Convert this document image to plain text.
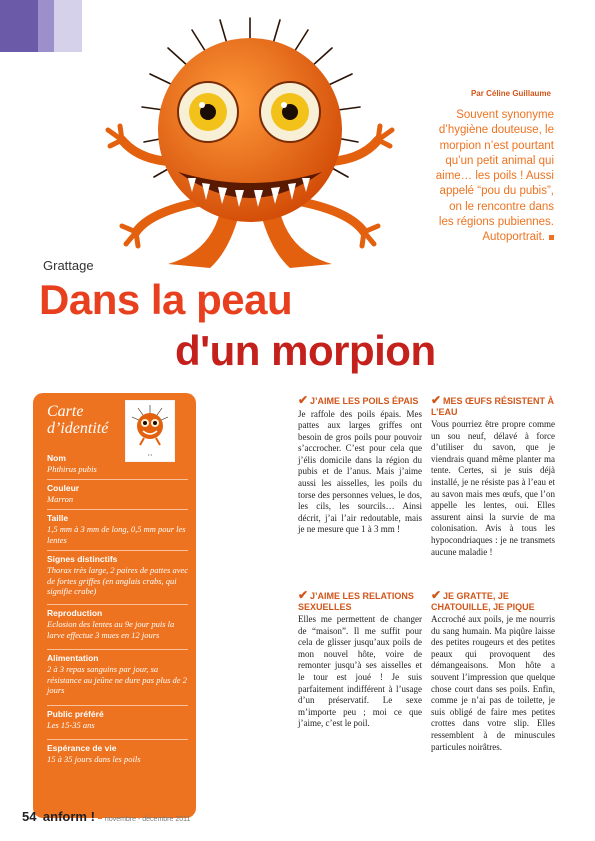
Par Céline Guillaume
Souvent synonyme d’hygiène douteuse, le morpion n’est pourtant qu’un petit animal qui aime… les poils ! Aussi appelé “pou du pubis”, on le rencontre dans les régions pubiennes. Autoportrait.
Grattage
Dans la peau
d'un morpion
Carte d’identité
• •
Nom
Phthirus pubis
Couleur
Marron
Taille
1,5 mm à 3 mm de long, 0,5 mm pour les lentes
Signes distinctifs
Thorax très large, 2 paires de pattes avec de fortes griffes (en anglais crabs, qui signifie crabe)
Reproduction
Eclosion des lentes au 9e jour puis la larve effectue 3 mues en 12 jours
Alimentation
2 à 3 repas sanguins par jour, sa résistance au jeûne ne dure pas plus de 2 jours
Public préféré
Les 15-35 ans
Espérance de vie
15 à 35 jours dans les poils
✔ J’AIME LES POILS ÉPAIS

Je raffole des poils épais. Mes pattes aux larges griffes ont besoin de gros poils pour pouvoir s’accrocher. C’est pour cela que j’élis domicile dans la région du pubis et de l’anus. Mais j’aime aussi les aisselles, les poils du torse des personnes velues, le dos, les cils, les sourcils… Ainsi décrit, j’ai l’air redoutable, mais je ne mesure que 1 à 3 mm !

✔ J’AIME LES RELATIONS SEXUELLES

Elles me permettent de changer de “maison”. Il me suffit pour cela de glisser jusqu’aux poils de mon nouvel hôte, voire de remonter jusqu’à ses aisselles et le tour est joué ! Je suis parfaitement indifférent à l’usage d’un préservatif. Le sexe m’importe peu ; moi ce que j’aime, c’est le poil.

✔ MES ŒUFS RÉSISTENT À L’EAU

Vous pourriez être propre comme un sou neuf, délavé à force d’utiliser du savon, que je viendrais quand même planter ma tente. Certes, si je suis déjà installé, je ne résiste pas à l’eau et au savon mais mes œufs, que l’on appelle les lentes, oui. Elles assurent ainsi la survie de ma colonisation. Avis à tous les hypocondriaques : je ne transmets aucune maladie !

✔ JE GRATTE, JE CHATOUILLE, JE PIQUE

Accroché aux poils, je me nourris du sang humain. Ma piqûre laisse des petites rougeurs et des petites peaux qui provoquent des démangeaisons. Mon hôte a souvent l’impression que quelque chose court dans ses poils. Enfin, comme je n’ai pas de toilette, je suis obligé de faire mes petites crottes dans votre slip. Elles ressemblent à de minuscules particules noirâtres.

54 anform ! novembre - décembre 2011
